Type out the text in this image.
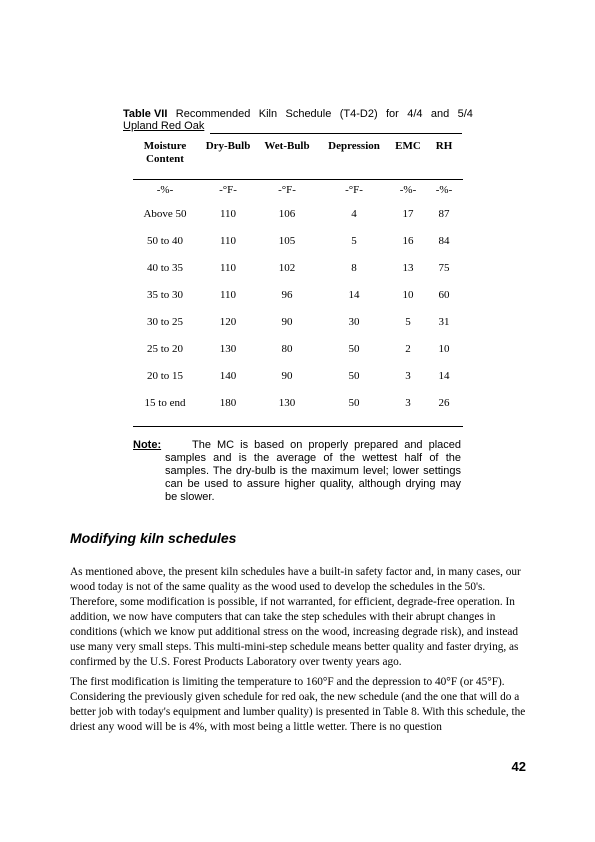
Table VII Recommended Kiln Schedule (T4-D2) for 4/4 and 5/4
Upland Red Oak
Moisture Content
Dry-Bulb	Wet-Bulb	Depression	EMC	RH
-%-	-°F-	-°F-	-°F-	-%-	-%-
Above 50	110	106	4	17	87
50 to 40	110	105	5	16	84
40 to 35	110	102	8	13	75
35 to 30	110	96	14	10	60
30 to 25	120	90	30	5	31
25 to 20	130	80	50	2	10
20 to 15	140	90	50	3	14
15 to end	180	130	50	3	26
Note:	The MC is based on properly prepared and placed samples and is the average of the wettest half of the samples. The dry-bulb is the maximum level; lower settings can be used to assure higher quality, although drying may be slower.
Modifying kiln schedules
As mentioned above, the present kiln schedules have a built-in safety factor and, in many cases, our wood today is not of the same quality as the wood used to develop the schedules in the 50's. Therefore, some modification is possible, if not warranted, for efficient, degrade-free operation. In addition, we now have computers that can take the step schedules with their abrupt changes in conditions (which we know put additional stress on the wood, increasing degrade risk), and instead use many very small steps. This multi-mini-step schedule means better quality and faster drying, as confirmed by the U.S. Forest Products Laboratory over twenty years ago.
The first modification is limiting the temperature to 160°F and the depression to 40°F (or 45°F). Considering the previously given schedule for red oak, the new schedule (and the one that will do a better job with today's equipment and lumber quality) is presented in Table 8. With this schedule, the driest any wood will be is 4%, with most being a little wetter. There is no question
42
